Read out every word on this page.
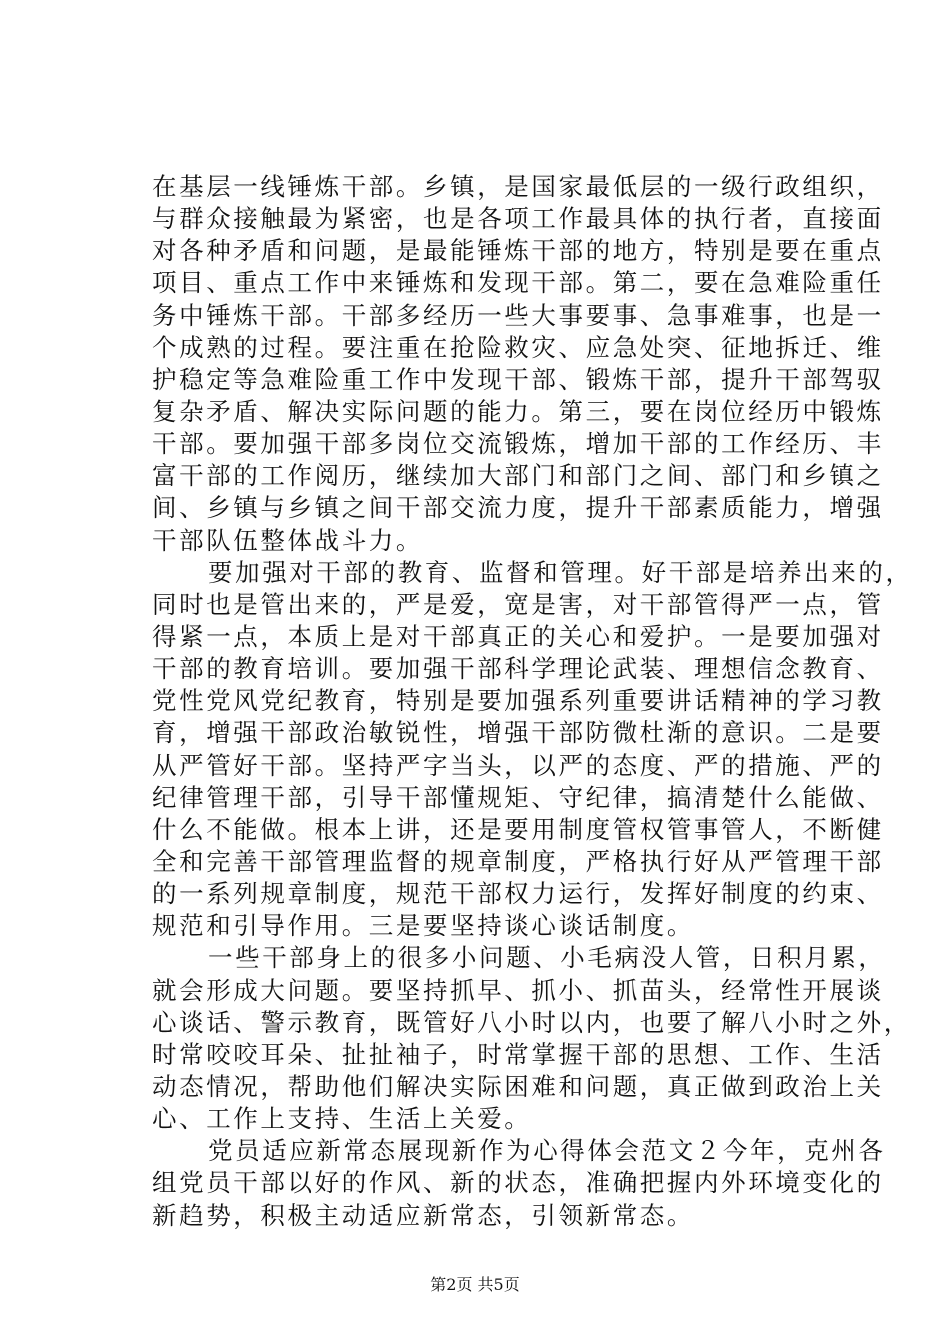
在基层一线锤炼干部。乡镇，是国家最低层的一级行政组织，
与群众接触最为紧密，也是各项工作最具体的执行者，直接面
对各种矛盾和问题，是最能锤炼干部的地方，特别是要在重点
项目、重点工作中来锤炼和发现干部。第二，要在急难险重任
务中锤炼干部。干部多经历一些大事要事、急事难事，也是一
个成熟的过程。要注重在抢险救灾、应急处突、征地拆迁、维
护稳定等急难险重工作中发现干部、锻炼干部，提升干部驾驭
复杂矛盾、解决实际问题的能力。第三，要在岗位经历中锻炼
干部。要加强干部多岗位交流锻炼，增加干部的工作经历、丰
富干部的工作阅历，继续加大部门和部门之间、部门和乡镇之
间、乡镇与乡镇之间干部交流力度，提升干部素质能力，增强
干部队伍整体战斗力。
要加强对干部的教育、监督和管理。好干部是培养出来的，
同时也是管出来的，严是爱，宽是害，对干部管得严一点，管
得紧一点，本质上是对干部真正的关心和爱护。一是要加强对
干部的教育培训。要加强干部科学理论武装、理想信念教育、
党性党风党纪教育，特别是要加强系列重要讲话精神的学习教
育，增强干部政治敏锐性，增强干部防微杜渐的意识。二是要
从严管好干部。坚持严字当头，以严的态度、严的措施、严的
纪律管理干部，引导干部懂规矩、守纪律，搞清楚什么能做、
什么不能做。根本上讲，还是要用制度管权管事管人，不断健
全和完善干部管理监督的规章制度，严格执行好从严管理干部
的一系列规章制度，规范干部权力运行，发挥好制度的约束、
规范和引导作用。三是要坚持谈心谈话制度。
一些干部身上的很多小问题、小毛病没人管，日积月累，
就会形成大问题。要坚持抓早、抓小、抓苗头，经常性开展谈
心谈话、警示教育，既管好八小时以内，也要了解八小时之外，
时常咬咬耳朵、扯扯袖子，时常掌握干部的思想、工作、生活
动态情况，帮助他们解决实际困难和问题，真正做到政治上关
心、工作上支持、生活上关爱。
党员适应新常态展现新作为心得体会范文２今年，克州各
组党员干部以好的作风、新的状态，准确把握内外环境变化的
新趋势，积极主动适应新常态，引领新常态。
第2页 共5页
